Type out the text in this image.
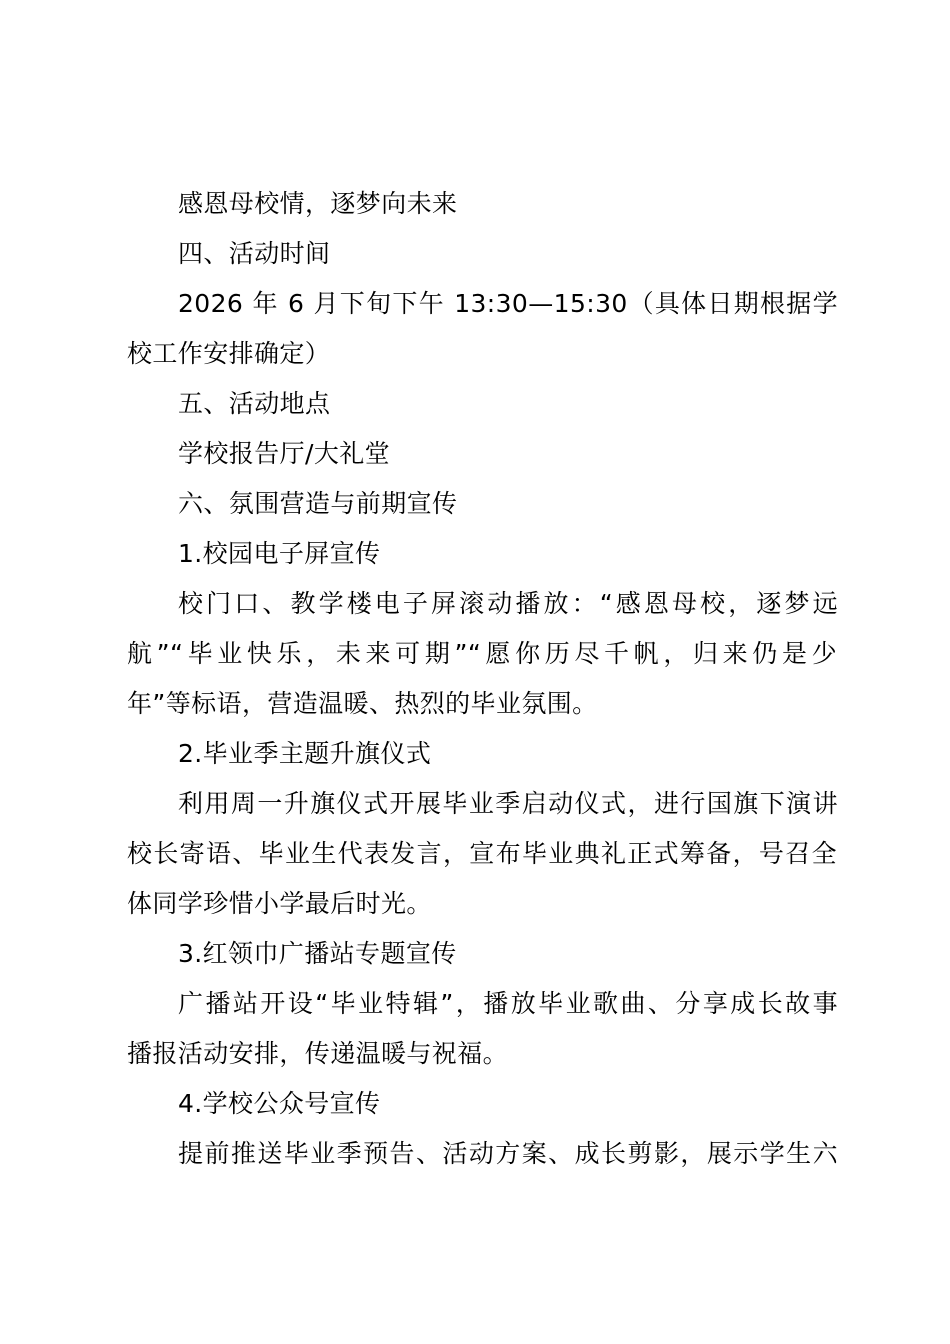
感恩母校情，逐梦向未来
四、活动时间
2026 年 6 月下旬下午 13:30—15:30（具体日期根据学
校工作安排确定）
五、活动地点
学校报告厅/大礼堂
六、氛围营造与前期宣传
1.校园电子屏宣传
校门口、教学楼电子屏滚动播放：“感恩母校，逐梦远
航”“毕业快乐，未来可期”“愿你历尽千帆，归来仍是少
年”等标语，营造温暖、热烈的毕业氛围。
2.毕业季主题升旗仪式
利用周一升旗仪式开展毕业季启动仪式，进行国旗下演讲
校长寄语、毕业生代表发言，宣布毕业典礼正式筹备，号召全
体同学珍惜小学最后时光。
3.红领巾广播站专题宣传
广播站开设“毕业特辑”，播放毕业歌曲、分享成长故事
播报活动安排，传递温暖与祝福。
4.学校公众号宣传
提前推送毕业季预告、活动方案、成长剪影，展示学生六
